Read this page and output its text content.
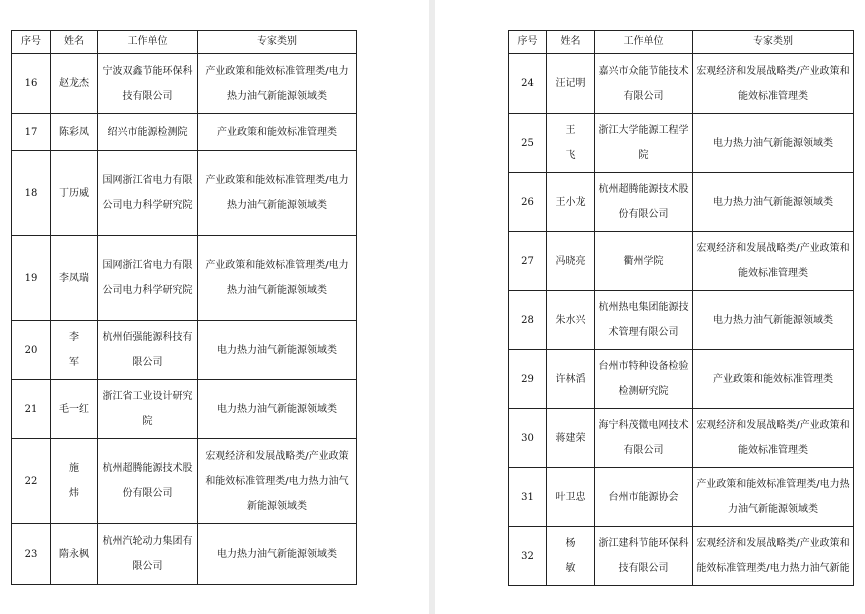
序号	姓名	工作单位	专家类别
16	赵龙杰	宁波双鑫节能环保科技有限公司	产业政策和能效标准管理类/电力热力油气新能源领域类
17	陈彩凤	绍兴市能源检测院	产业政策和能效标准管理类
18	丁历威	国网浙江省电力有限公司电力科学研究院	产业政策和能效标准管理类/电力热力油气新能源领域类
19	李凤瑞	国网浙江省电力有限公司电力科学研究院	产业政策和能效标准管理类/电力热力油气新能源领域类
20	李 军	杭州佰强能源科技有限公司	电力热力油气新能源领域类
21	毛一红	浙江省工业设计研究院	电力热力油气新能源领域类
22	施 炜	杭州超腾能源技术股份有限公司	宏观经济和发展战略类/产业政策和能效标准管理类/电力热力油气新能源领域类
23	隋永枫	杭州汽轮动力集团有限公司	电力热力油气新能源领域类
序号	姓名	工作单位	专家类别
24	汪记明	嘉兴市众能节能技术有限公司	宏观经济和发展战略类/产业政策和能效标准管理类
25	王 飞	浙江大学能源工程学院	电力热力油气新能源领域类
26	王小龙	杭州超腾能源技术股份有限公司	电力热力油气新能源领域类
27	冯晓亮	衢州学院	宏观经济和发展战略类/产业政策和能效标准管理类
28	朱水兴	杭州热电集团能源技术管理有限公司	电力热力油气新能源领域类
29	许林滔	台州市特种设备检验检测研究院	产业政策和能效标准管理类
30	蒋建荣	海宁科茂微电网技术有限公司	宏观经济和发展战略类/产业政策和能效标准管理类
31	叶卫忠	台州市能源协会	产业政策和能效标准管理类/电力热力油气新能源领域类
32	杨 敏	浙江建科节能环保科技有限公司	宏观经济和发展战略类/产业政策和能效标准管理类/电力热力油气新能
